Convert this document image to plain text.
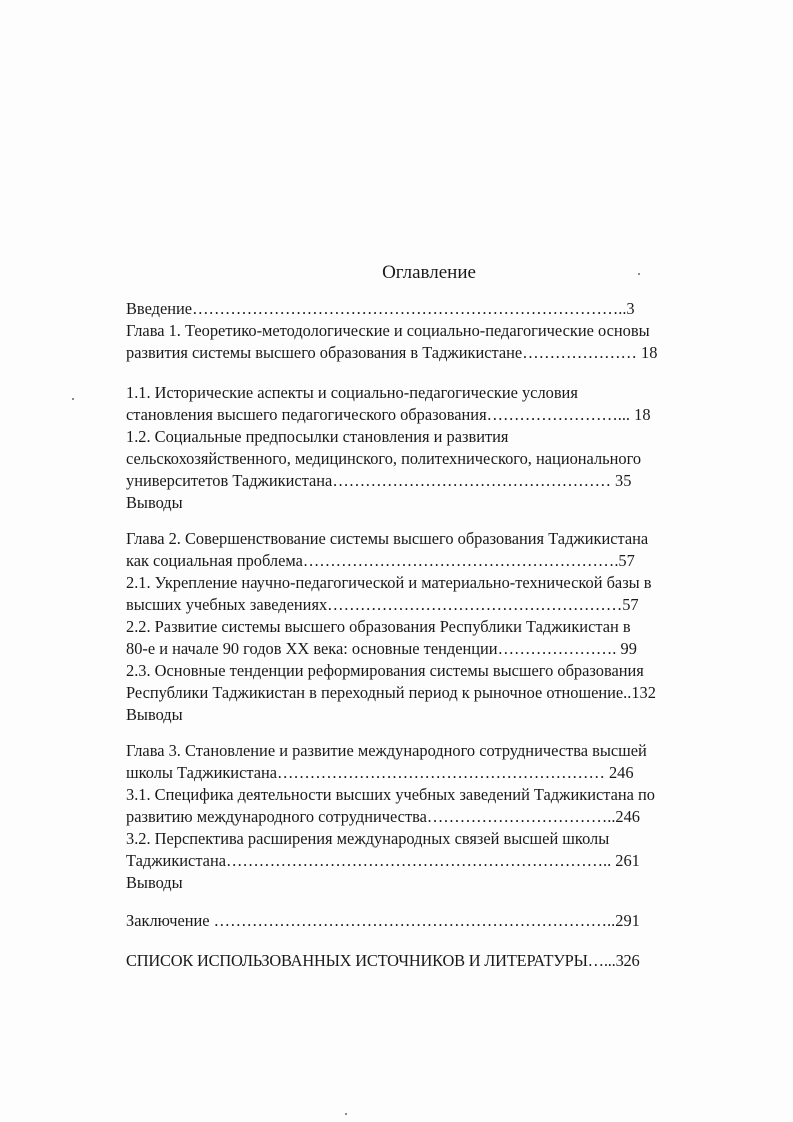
Оглавление
Введение……………………………………………………………………..3
Глава 1. Теоретико-методологические и социально-педагогические основы
развития системы высшего образования в Таджикистане………………… 18
1.1. Исторические аспекты и социально-педагогические условия
становления высшего педагогического образования……………………... 18
1.2. Социальные предпосылки становления и развития
сельскохозяйственного, медицинского, политехнического, национального
университетов Таджикистана…………………………………………… 35
Выводы
Глава 2. Совершенствование системы высшего образования Таджикистана
как социальная проблема………………………………………………….57
2.1. Укрепление научно-педагогической и материально-технической базы в
высших учебных заведениях………………………………………………57
2.2. Развитие системы высшего образования Республики Таджикистан в
80-е и начале 90 годов XX века: основные тенденции…………………. 99
2.3. Основные тенденции реформирования системы высшего образования
Республики Таджикистан в переходный период к рыночное отношение..132
Выводы
Глава 3. Становление и развитие международного сотрудничества высшей
школы Таджикистана…………………………………………………… 246
3.1. Специфика деятельности высших учебных заведений Таджикистана по
развитию международного сотрудничества……………………………..246
3.2. Перспектива расширения международных связей высшей школы
Таджикистана…………………………………………………………….. 261
Выводы
Заключение ………………………………………………………………..291
СПИСОК ИСПОЛЬЗОВАННЫХ ИСТОЧНИКОВ И ЛИТЕРАТУРЫ…...326
